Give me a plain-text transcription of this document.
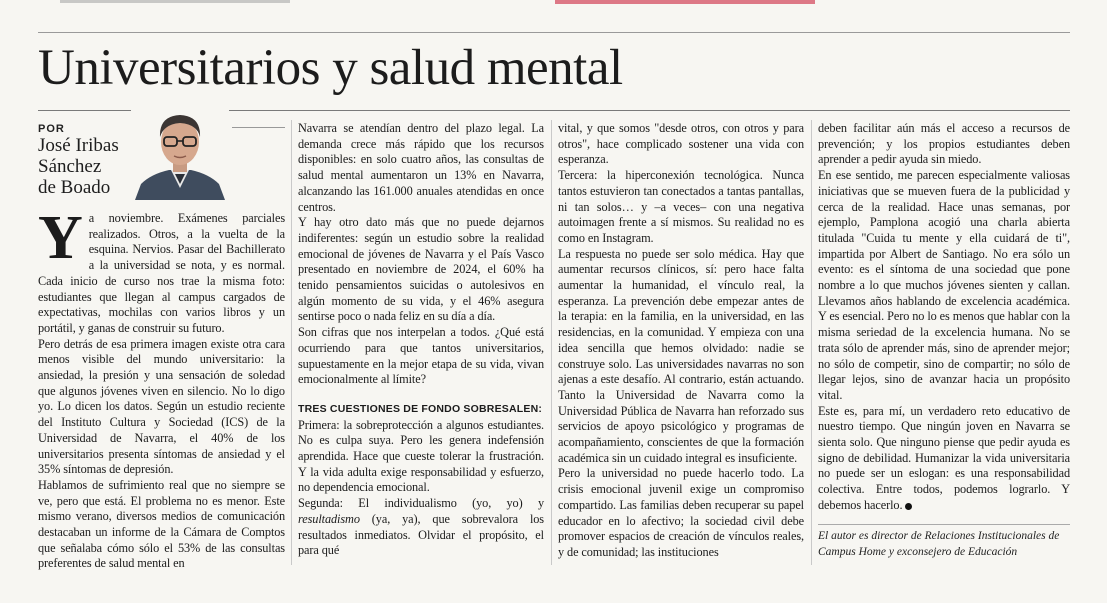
Universitarios y salud mental
POR
José Iribas
Sánchez
de Boado

Ya noviembre. Exámenes parciales realizados. Otros, a la vuelta de la esquina. Nervios. Pasar del Bachillerato a la universidad se nota, y es normal. Cada inicio de curso nos trae la misma foto: estudiantes que llegan al campus cargados de expectativas, mochilas con varios libros y un portátil, y ganas de construir su futuro.

Pero detrás de esa primera imagen existe otra cara menos visible del mundo universitario: la ansiedad, la presión y una sensación de soledad que algunos jóvenes viven en silencio. No lo digo yo. Lo dicen los datos. Según un estudio reciente del Instituto Cultura y Sociedad (ICS) de la Universidad de Navarra, el 40% de los universitarios presenta síntomas de ansiedad y el 35% síntomas de depresión.

Hablamos de sufrimiento real que no siempre se ve, pero que está. El problema no es menor. Este mismo verano, diversos medios de comunicación destacaban un informe de la Cámara de Comptos que señalaba cómo sólo el 53% de las consultas preferentes de salud mental en

Navarra se atendían dentro del plazo legal. La demanda crece más rápido que los recursos disponibles: en solo cuatro años, las consultas de salud mental aumentaron un 13% en Navarra, alcanzando las 161.000 anuales atendidas en once centros.

Y hay otro dato más que no puede dejarnos indiferentes: según un estudio sobre la realidad emocional de jóvenes de Navarra y el País Vasco presentado en noviembre de 2024, el 60% ha tenido pensamientos suicidas o autolesivos en algún momento de su vida, y el 46% asegura sentirse poco o nada feliz en su día a día.

Son cifras que nos interpelan a todos. ¿Qué está ocurriendo para que tantos universitarios, supuestamente en la mejor etapa de su vida, vivan emocionalmente al límite?

TRES CUESTIONES DE FONDO SOBRESALEN:

Primera: la sobreprotección a algunos estudiantes. No es culpa suya. Pero les genera indefensión aprendida. Hace que cueste tolerar la frustración. Y la vida adulta exige responsabilidad y esfuerzo, no dependencia emocional.

Segunda: El individualismo (yo, yo) y resultadismo (ya, ya), que sobrevalora los resultados inmediatos. Olvidar el propósito, el para qué

vital, y que somos "desde otros, con otros y para otros", hace complicado sostener una vida con esperanza.

Tercera: la hiperconexión tecnológica. Nunca tantos estuvieron tan conectados a tantas pantallas, ni tan solos… y –a veces– con una negativa autoimagen frente a sí mismos. Su realidad no es como en Instagram.

La respuesta no puede ser solo médica. Hay que aumentar recursos clínicos, sí: pero hace falta aumentar la humanidad, el vínculo real, la esperanza. La prevención debe empezar antes de la terapia: en la familia, en la universidad, en las residencias, en la comunidad. Y empieza con una idea sencilla que hemos olvidado: nadie se construye solo. Las universidades navarras no son ajenas a este desafío. Al contrario, están actuando. Tanto la Universidad de Navarra como la Universidad Pública de Navarra han reforzado sus servicios de apoyo psicológico y programas de acompañamiento, conscientes de que la formación académica sin un cuidado integral es insuficiente.

Pero la universidad no puede hacerlo todo. La crisis emocional juvenil exige un compromiso compartido. Las familias deben recuperar su papel educador en lo afectivo; la sociedad civil debe promover espacios de creación de vínculos reales, y de comunidad; las instituciones

deben facilitar aún más el acceso a recursos de prevención; y los propios estudiantes deben aprender a pedir ayuda sin miedo.

En ese sentido, me parecen especialmente valiosas iniciativas que se mueven fuera de la publicidad y cerca de la realidad. Hace unas semanas, por ejemplo, Pamplona acogió una charla abierta titulada "Cuida tu mente y ella cuidará de ti", impartida por Albert de Santiago. No era sólo un evento: es el síntoma de una sociedad que pone nombre a lo que muchos jóvenes sienten y callan. Llevamos años hablando de excelencia académica. Y es esencial. Pero no lo es menos que hablar con la misma seriedad de la excelencia humana. No se trata sólo de aprender más, sino de aprender mejor; no sólo de competir, sino de compartir; no sólo de llegar lejos, sino de avanzar hacia un propósito vital.

Este es, para mí, un verdadero reto educativo de nuestro tiempo. Que ningún joven en Navarra se sienta solo. Que ninguno piense que pedir ayuda es signo de debilidad. Humanizar la vida universitaria no puede ser un eslogan: es una responsabilidad colectiva. Entre todos, podemos lograrlo. Y debemos hacerlo.

El autor es director de Relaciones Institucionales de Campus Home y exconsejero de Educación
